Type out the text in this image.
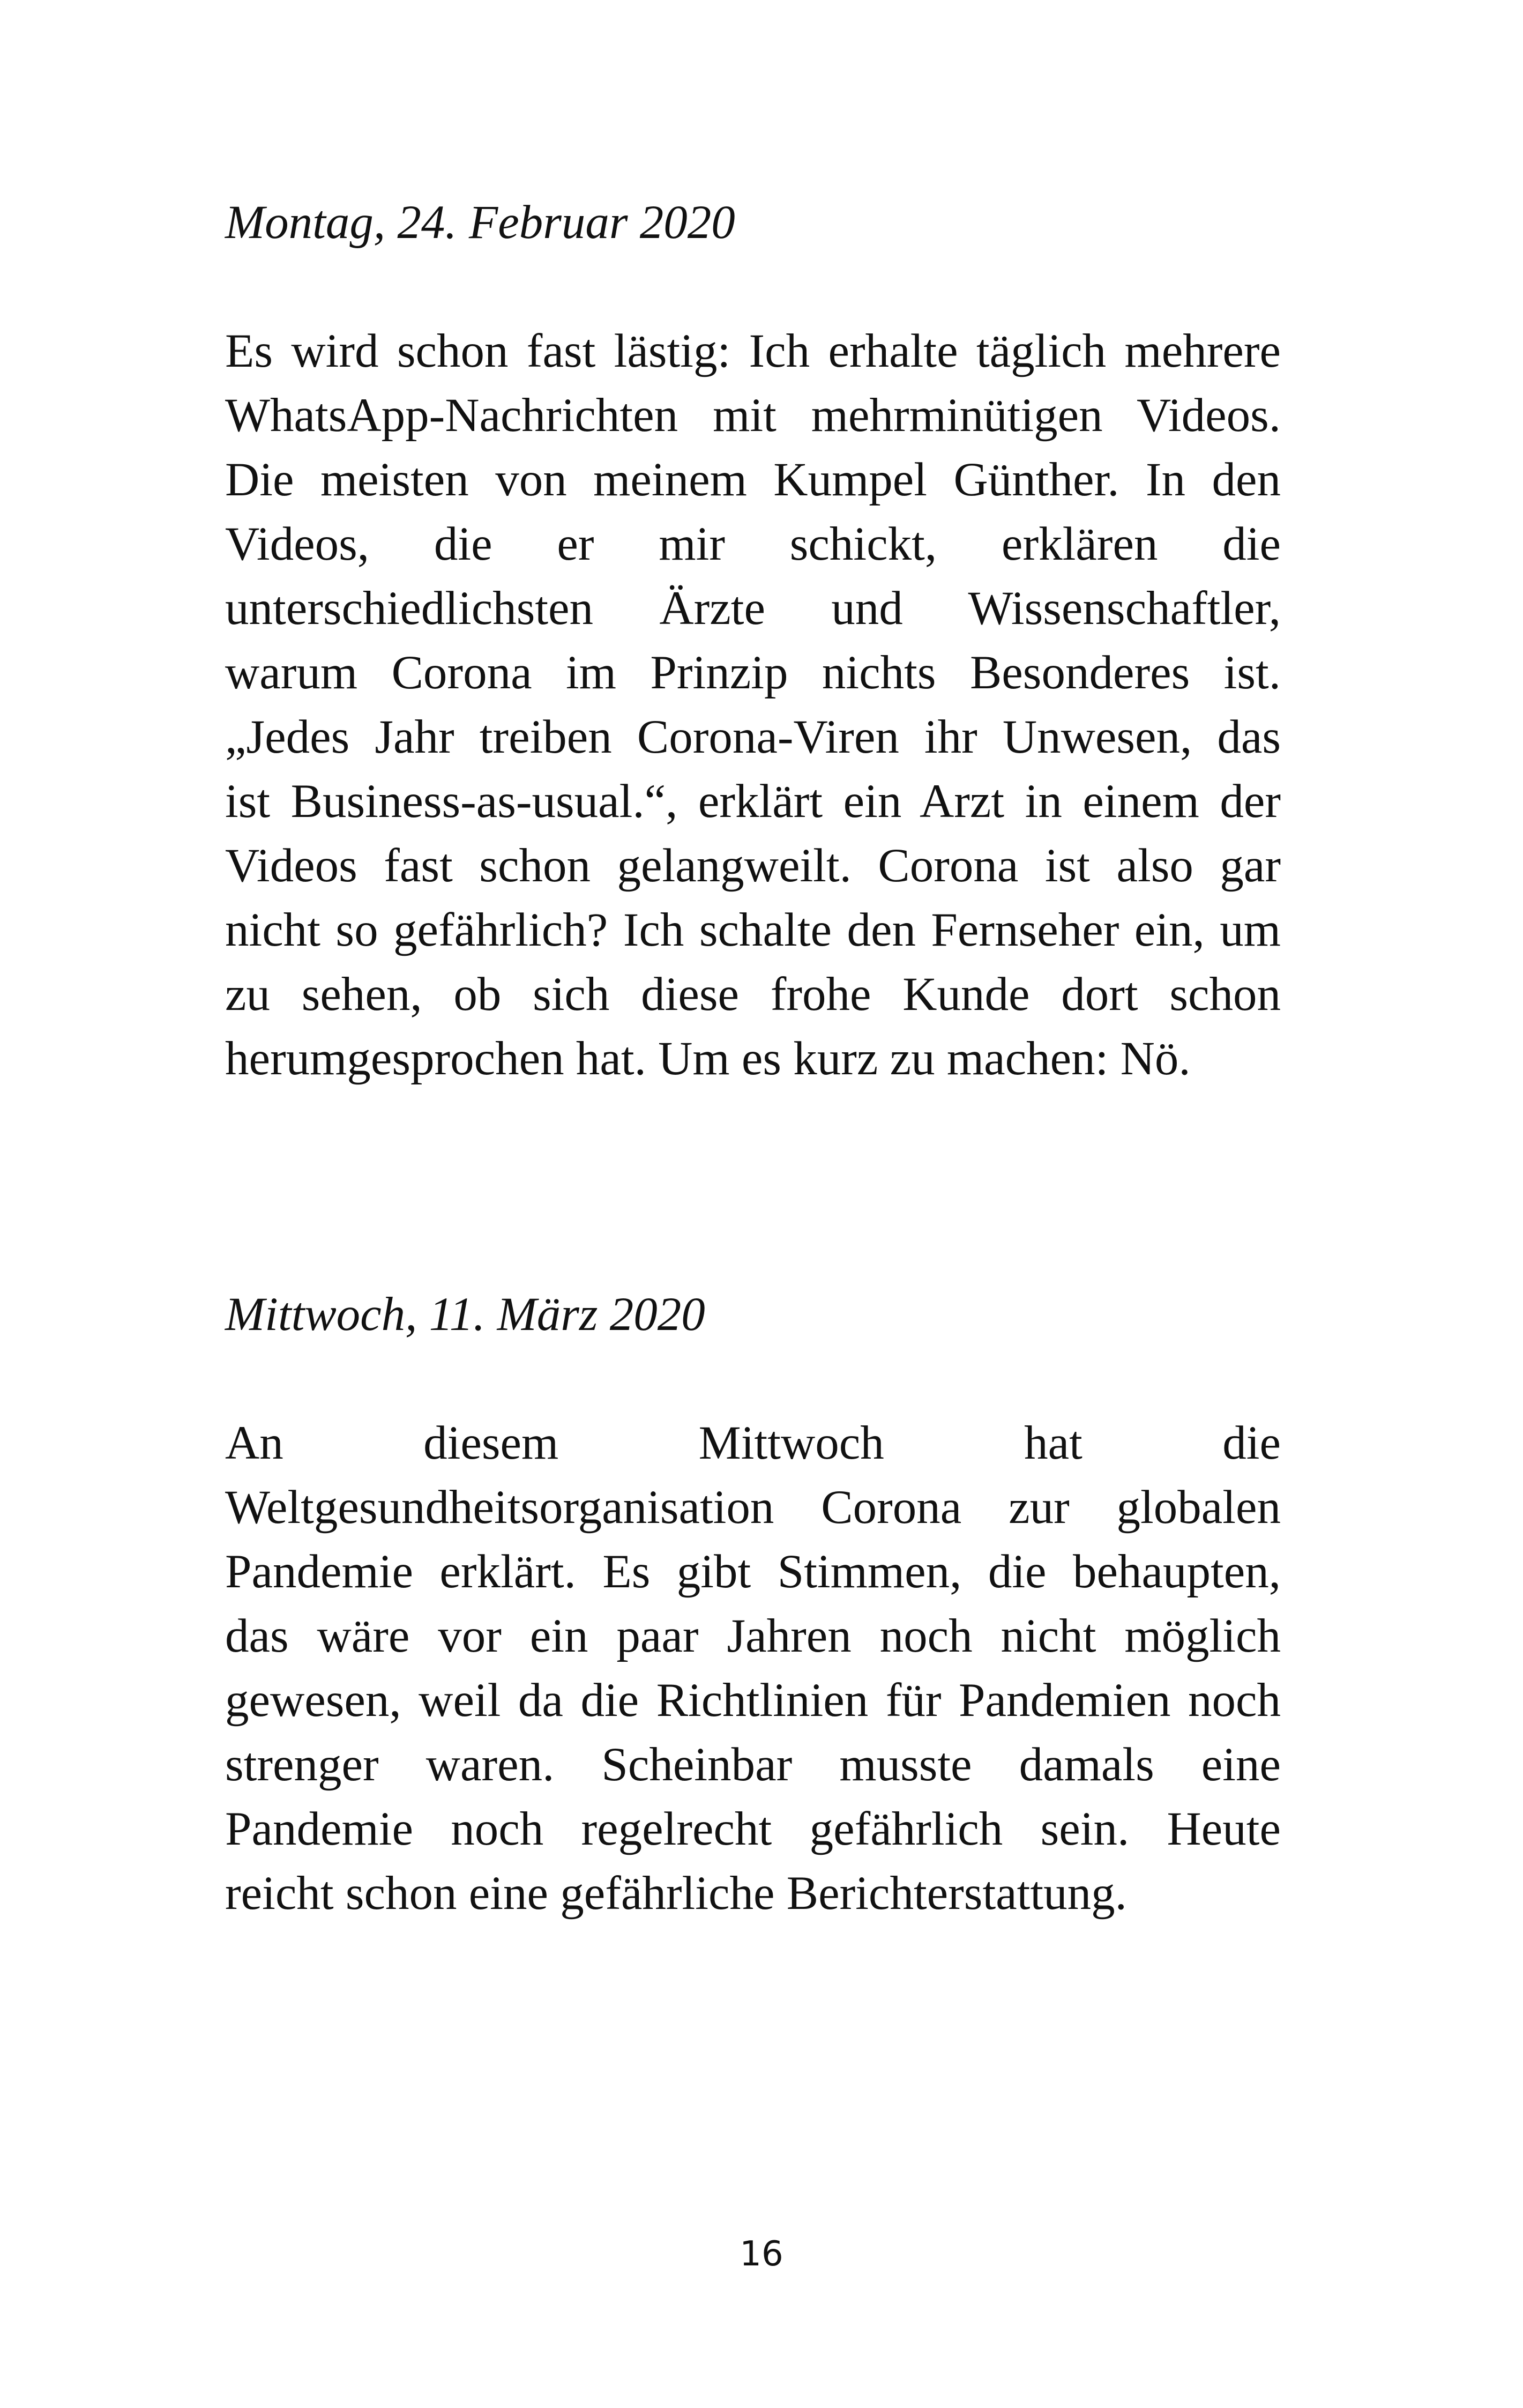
Montag, 24. Februar 2020

Es wird schon fast lästig: Ich erhalte täglich mehrere
WhatsApp-Nachrichten mit mehrminütigen Videos.
Die meisten von meinem Kumpel Günther. In den
Videos, die er mir schickt, erklären die
unterschiedlichsten Ärzte und Wissenschaftler,
warum Corona im Prinzip nichts Besonderes ist.
„Jedes Jahr treiben Corona-Viren ihr Unwesen, das
ist Business-as-usual.“, erklärt ein Arzt in einem der
Videos fast schon gelangweilt. Corona ist also gar
nicht so gefährlich? Ich schalte den Fernseher ein, um
zu sehen, ob sich diese frohe Kunde dort schon
herumgesprochen hat. Um es kurz zu machen: Nö.

Mittwoch, 11. März 2020

An diesem Mittwoch hat die
Weltgesundheitsorganisation Corona zur globalen
Pandemie erklärt. Es gibt Stimmen, die behaupten,
das wäre vor ein paar Jahren noch nicht möglich
gewesen, weil da die Richtlinien für Pandemien noch
strenger waren. Scheinbar musste damals eine
Pandemie noch regelrecht gefährlich sein. Heute
reicht schon eine gefährliche Berichterstattung.
16
